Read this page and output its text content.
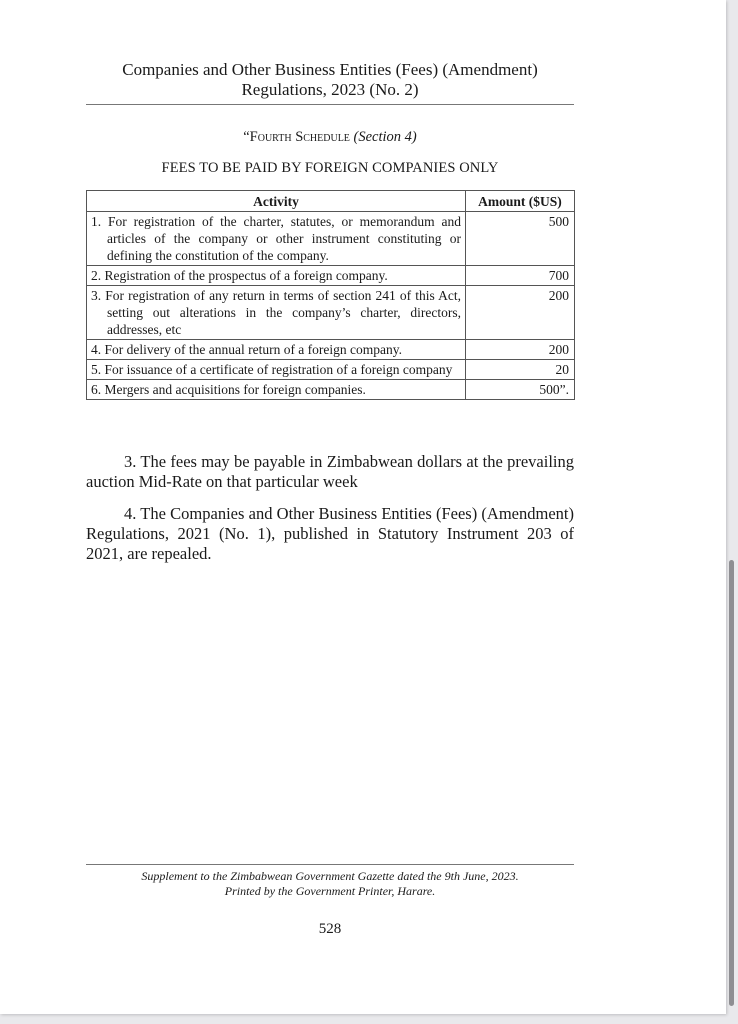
Companies and Other Business Entities (Fees) (Amendment)
Regulations, 2023 (No. 2)
“Fourth Schedule (Section 4)
FEES TO BE PAID BY FOREIGN COMPANIES ONLY
Activity	Amount ($US)
1. For registration of the charter, statutes, or memorandum and articles of the company or other instrument constituting or defining the constitution of the company.	500
2. Registration of the prospectus of a foreign company.	700
3. For registration of any return in terms of section 241 of this Act, setting out alterations in the company’s charter, directors, addresses, etc	200
4. For delivery of the annual return of a foreign company.	200
5. For issuance of a certificate of registration of a foreign company	20
6. Mergers and acquisitions for foreign companies.	500”.
3. The fees may be payable in Zimbabwean dollars at the prevailing auction Mid-Rate on that particular week
4. The Companies and Other Business Entities (Fees) (Amendment) Regulations, 2021 (No. 1), published in Statutory Instrument 203 of 2021, are repealed.
Supplement to the Zimbabwean Government Gazette dated the 9th June, 2023.
Printed by the Government Printer, Harare.
528
